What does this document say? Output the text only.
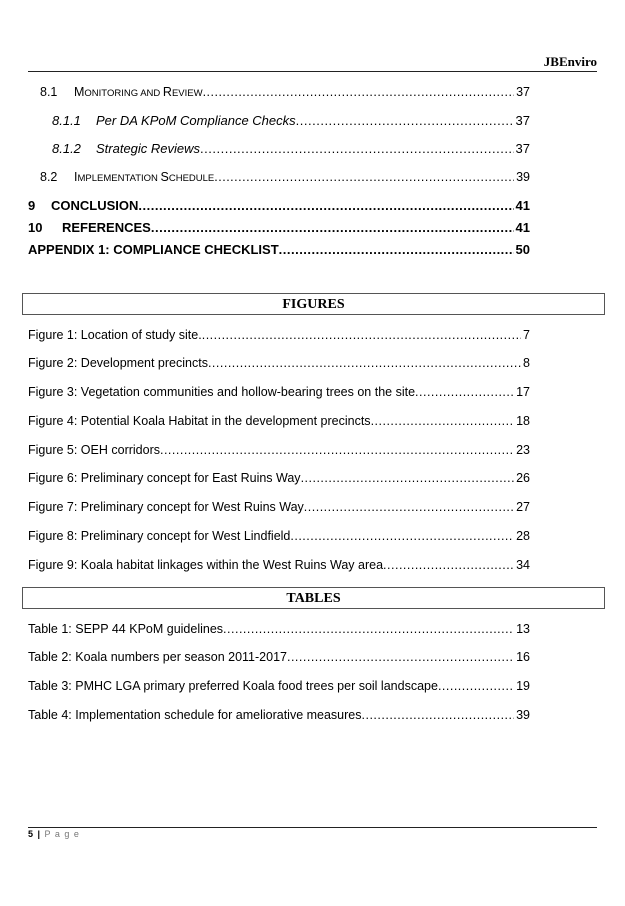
JBEnviro
8.1	MONITORING AND REVIEW .....	37
8.1.1	Per DA KPoM Compliance Checks .....	37
8.1.2	Strategic Reviews .....	37
8.2	IMPLEMENTATION SCHEDULE .....	39
9	CONCLUSION .....	41
10	REFERENCES .....	41
APPENDIX 1: COMPLIANCE CHECKLIST .....	50
FIGURES
Figure 1: Location of study site. .....	7
Figure 2: Development precincts .....	8
Figure 3: Vegetation communities and hollow-bearing trees on the site .....	17
Figure 4: Potential Koala Habitat in the development precincts .....	18
Figure 5: OEH corridors .....	23
Figure 6: Preliminary concept for East Ruins Way .....	26
Figure 7: Preliminary concept for West Ruins Way .....	27
Figure 8: Preliminary concept for West Lindfield .....	28
Figure 9: Koala habitat linkages within the West Ruins Way area .....	34
TABLES
Table 1: SEPP 44 KPoM guidelines .....	13
Table 2: Koala numbers per season 2011-2017 .....	16
Table 3: PMHC LGA primary preferred Koala food trees per soil landscape .....	19
Table 4: Implementation schedule for ameliorative measures .....	39
5 | P a g e
